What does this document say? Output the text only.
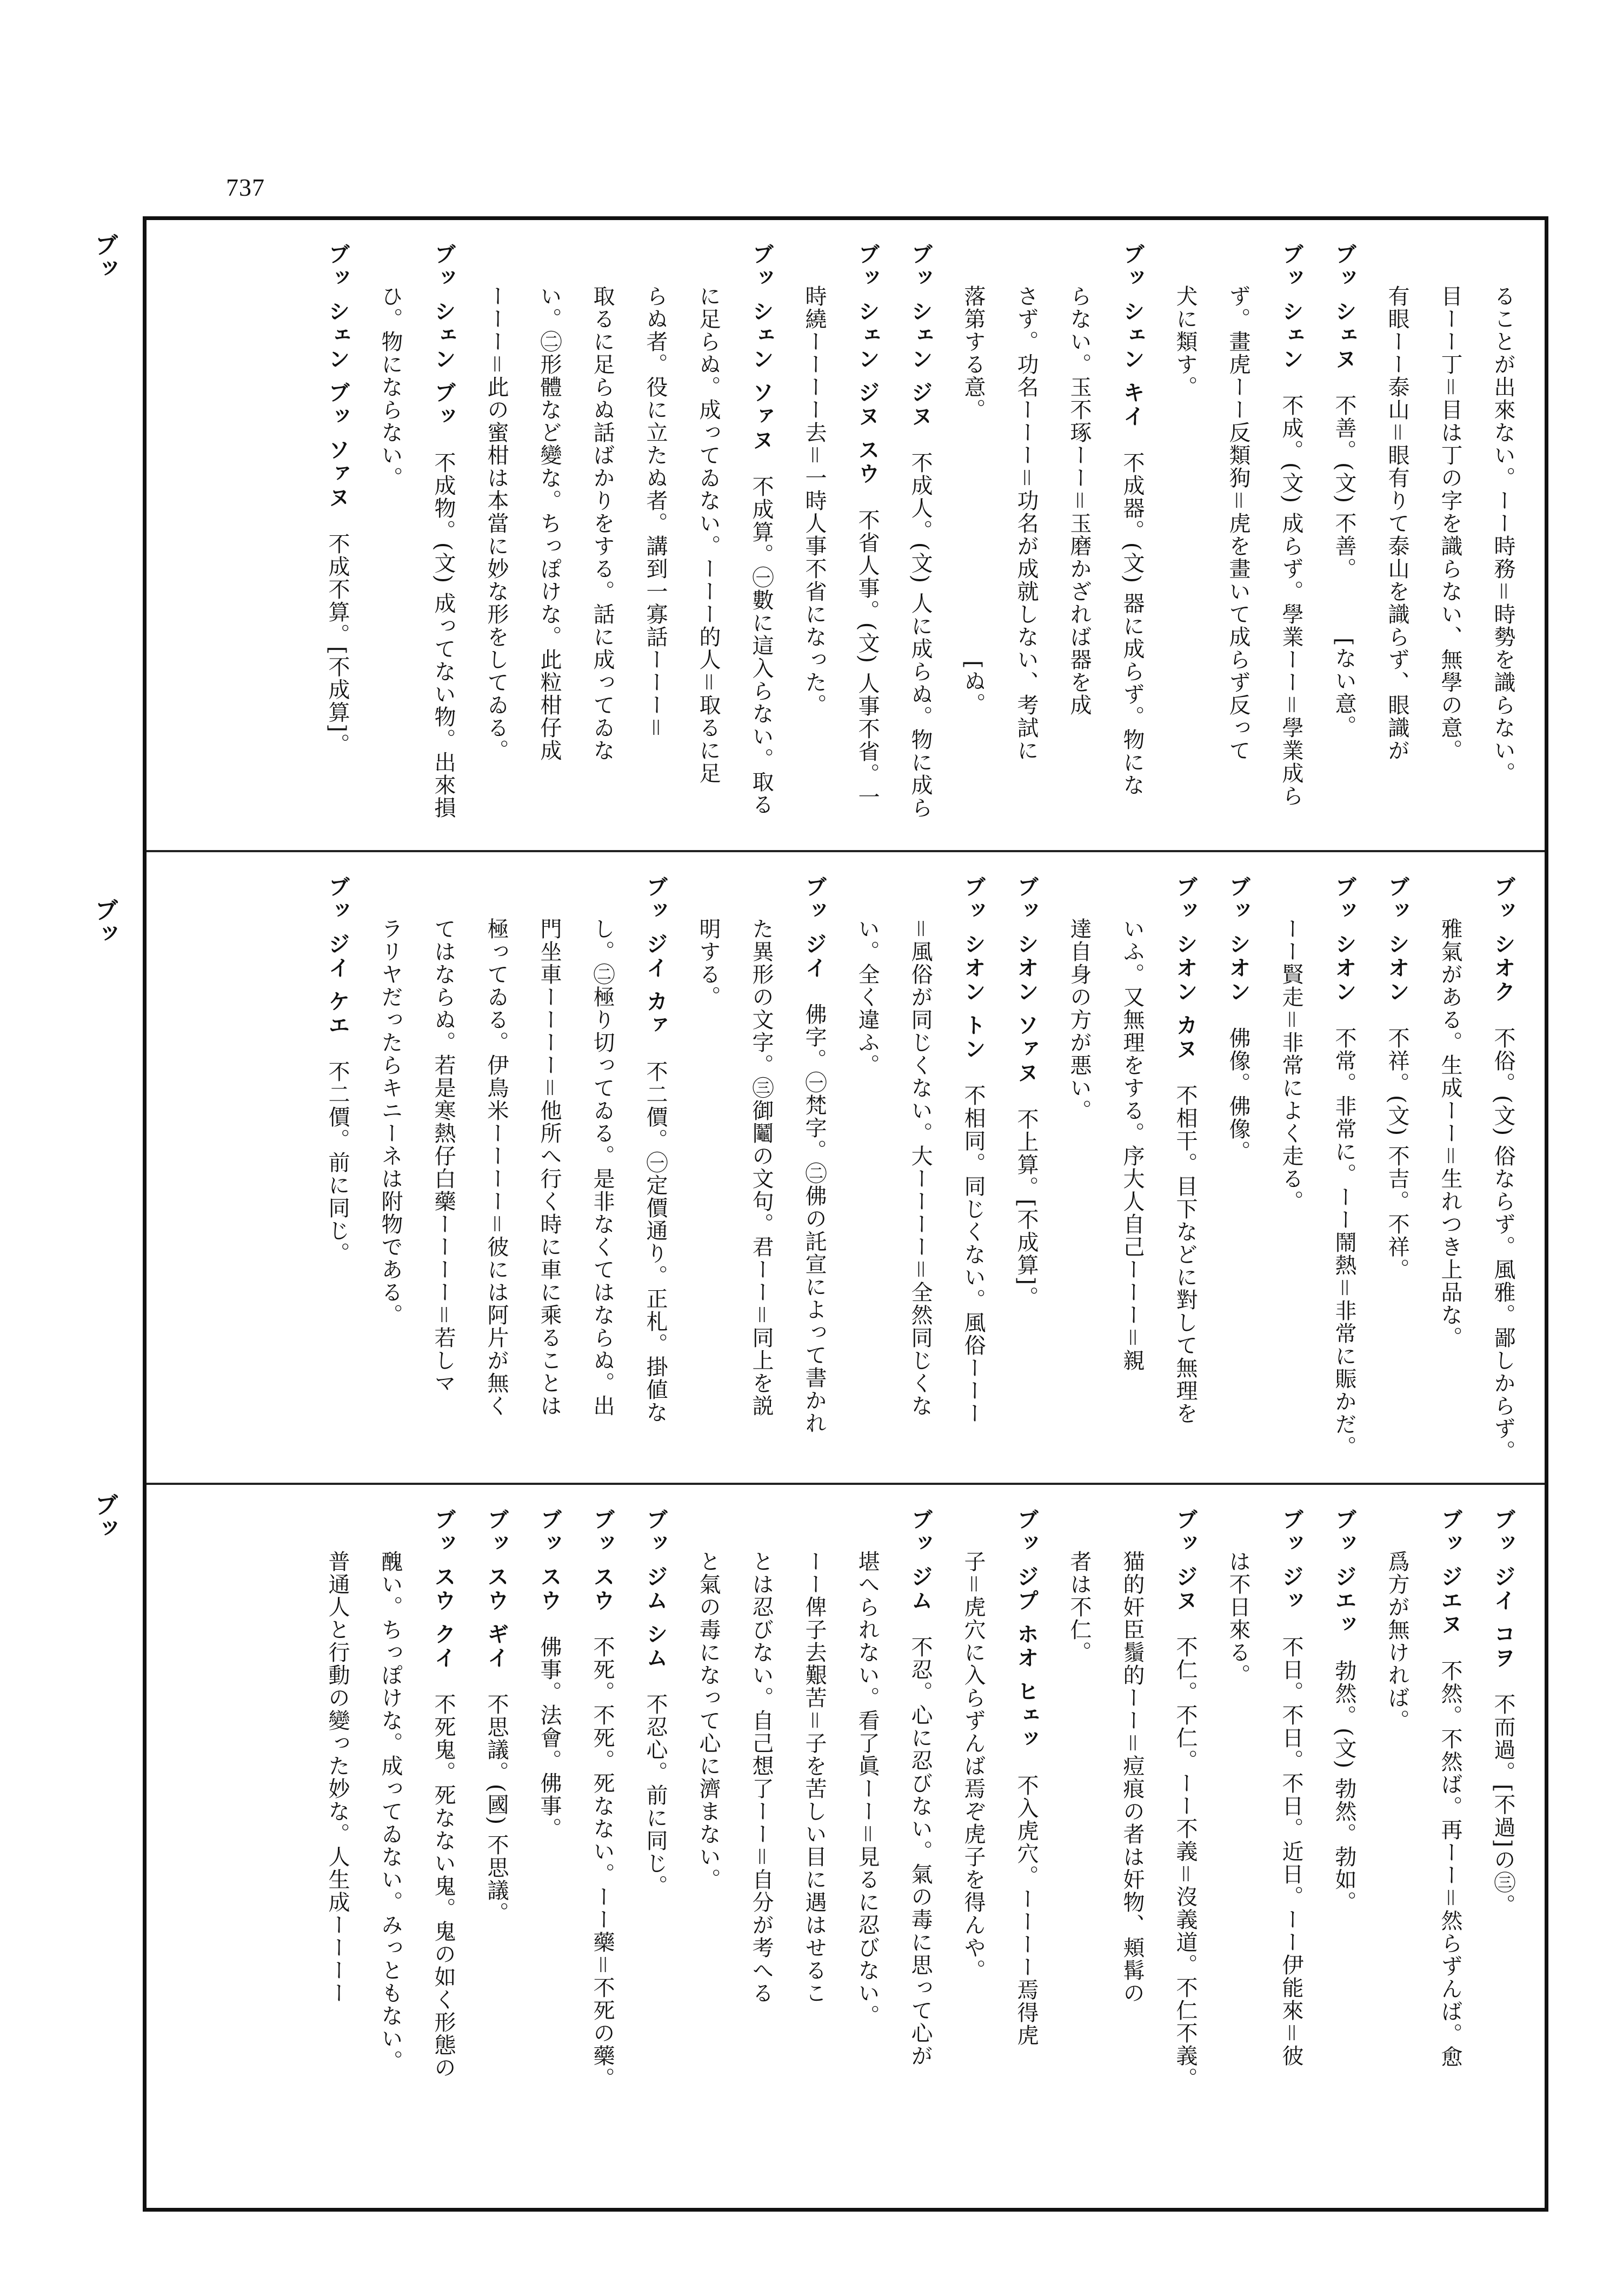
737
ブッ
ブッ
ブッ
ることが出來ない。ーー時務＝時勢を識らない。
目ーー丁＝目は丁の字を識らない、無學の意。
有眼ーー泰山＝眼有りて泰山を識らず、眼識が
ブッ シェヌ　不善。(文) 不善。　　　[ない意。
ブッ シェン　不成。(文) 成らず。學業ーー＝學業成ら
ず。畫虎ーー反類狗＝虎を畫いて成らず反って
犬に類す。
ブッ シェン キイ　不成器。(文) 器に成らず。物にな
らない。玉不琢ーー＝玉磨かざれば器を成
さず。功名ーーー＝功名が成就しない、考試に
落第する意。　　　　　　　　　　　[ぬ。
ブッ シェン ジヌ　不成人。(文) 人に成らぬ。物に成ら
ブッ シェン ジヌ スウ　不省人事。(文) 人事不省。一
時繞ーーーー去＝一時人事不省になった。
ブッ シェン ソァヌ　不成算。㊀數に這入らない。取る
に足らぬ。成ってゐない。ーーー的人＝取るに足
らぬ者。役に立たぬ者。講到一寡話ーーー＝
取るに足らぬ話ばかりをする。話に成ってゐな
い。㊁形體など變な。ちっぽけな。此粒柑仔成
ーーー＝此の蜜柑は本當に妙な形をしてゐる。
ブッ シェン ブッ　不成物。(文) 成ってない物。出來損
ひ。物にならない。
ブッ シェン ブッ ソァヌ　不成不算。[不成算]。
ブッ シオク　不俗。(文) 俗ならず。風雅。鄙しからず。
雅氣がある。生成ーー＝生れつき上品な。
ブッ シオン　不祥。(文) 不吉。不祥。
ブッ シオン　不常。非常に。ーー鬧熱＝非常に賑かだ。
ーー賢走＝非常によく走る。
ブッ シオン　佛像。佛像。
ブッ シオン カヌ　不相干。目下などに對して無理を
いふ。又無理をする。序大人自己ーーー＝親
達自身の方が悪い。
ブッ シオン ソァヌ　不上算。[不成算]。
ブッ シオン トン　不相同。同じくない。風俗ーーー
＝風俗が同じくない。大ーーーー＝全然同じくな
い。全く違ふ。
ブッ ジイ　佛字。㊀梵字。㊁佛の託宣によって書かれ
た異形の文字。㊂御鬮の文句。君ーー＝同上を説
明する。
ブッ ジイ カァ　不二價。㊀定價通り。正札。掛値な
し。㊁極り切ってゐる。是非なくてはならぬ。出
門坐車ーーーー＝他所へ行く時に車に乘ることは
極ってゐる。伊鳥米ーーーー＝彼には阿片が無く
てはならぬ。若是寒熱仔白藥ーーーー＝若しマ
ラリヤだったらキニーネは附物である。
ブッ ジイ ケエ　不二價。前に同じ。
ブッ ジイ コヲ　不而過。[不過]の㊂。
ブッ ジエヌ　不然。不然ば。再ーー＝然らずんば。愈
爲方が無ければ。
ブッ ジエッ　勃然。(文) 勃然。勃如。
ブッ ジッ　不日。不日。不日。近日。ーー伊能來＝彼
は不日來る。
ブッ ジヌ　不仁。不仁。ーー不義＝沒義道。不仁不義。
猫的奸臣鬚的ーー＝痘痕の者は奸物、頬髯の
者は不仁。
ブッ ジプ ホオ ヒェッ　不入虎穴。ーーーー焉得虎
子＝虎穴に入らずんば焉ぞ虎子を得んや。
ブッ ジム　不忍。心に忍びない。氣の毒に思って心が
堪へられない。看了眞ーー＝見るに忍びない。
ーー俾子去艱苦＝子を苦しい目に遇はせるこ
とは忍びない。自己想了ーー＝自分が考へる
と氣の毒になって心に濟まない。
ブッ ジム シム　不忍心。前に同じ。
ブッ スウ　不死。不死。死なない。ーー藥＝不死の藥。
ブッ スウ　佛事。法會。佛事。
ブッ スウ ギイ　不思議。(國) 不思議。
ブッ スウ クイ　不死鬼。死なない鬼。鬼の如く形態の
醜い。ちっぽけな。成ってゐない。みっともない。
普通人と行動の變った妙な。人生成ーーーー
